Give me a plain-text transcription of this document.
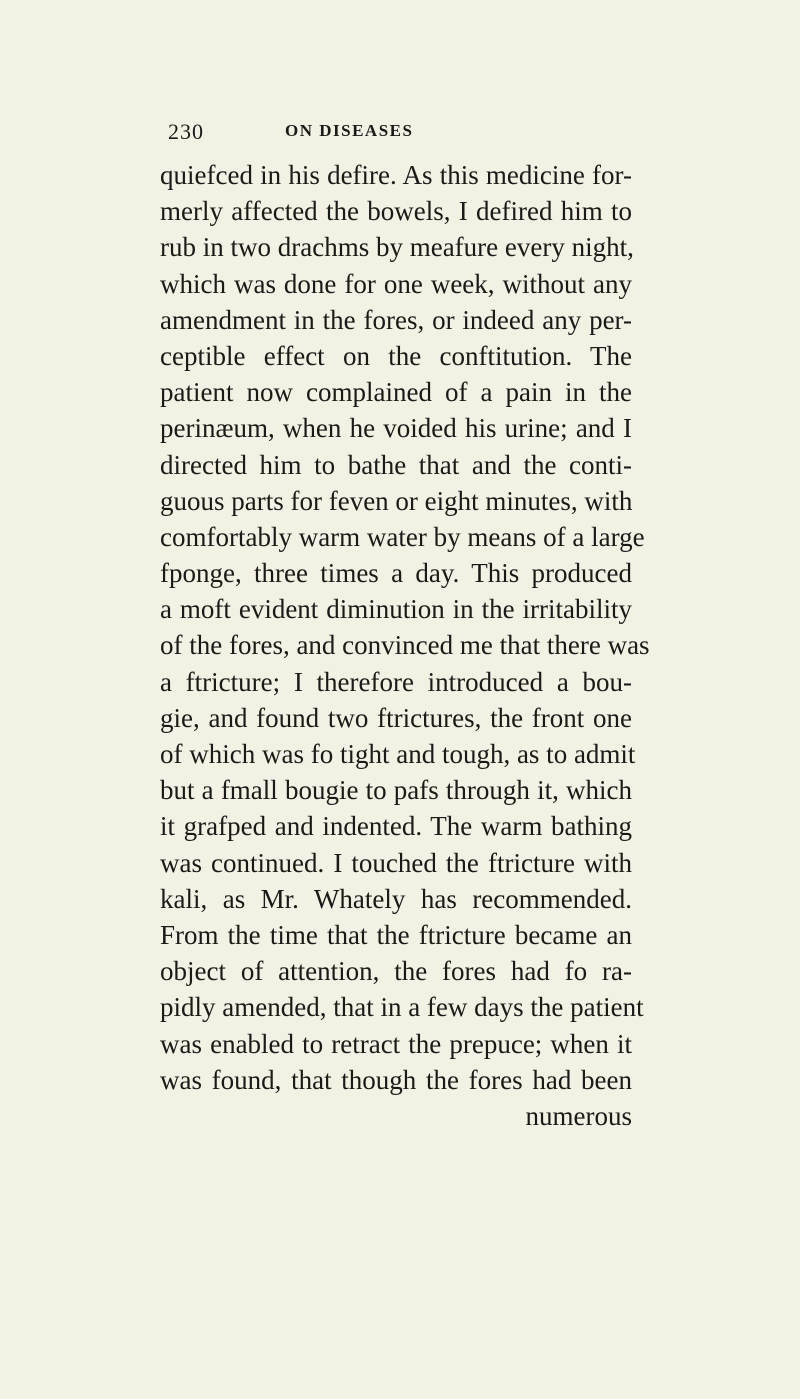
230	ON DISEASES
quiefced in his defire. As this medicine for-
merly affected the bowels, I defired him to
rub in two drachms by meafure every night,
which was done for one week, without any
amendment in the fores, or indeed any per-
ceptible effect on the conftitution. The
patient now complained of a pain in the
perinæum, when he voided his urine; and I
directed him to bathe that and the conti-
guous parts for feven or eight minutes, with
comfortably warm water by means of a large
fponge, three times a day. This produced
a moft evident diminution in the irritability
of the fores, and convinced me that there was
a ftricture; I therefore introduced a bou-
gie, and found two ftrictures, the front one
of which was fo tight and tough, as to admit
but a fmall bougie to pafs through it, which
it grafped and indented. The warm bathing
was continued. I touched the ftricture with
kali, as Mr. Whately has recommended.
From the time that the ftricture became an
object of attention, the fores had fo ra-
pidly amended, that in a few days the patient
was enabled to retract the prepuce; when it
was found, that though the fores had been
numerous
